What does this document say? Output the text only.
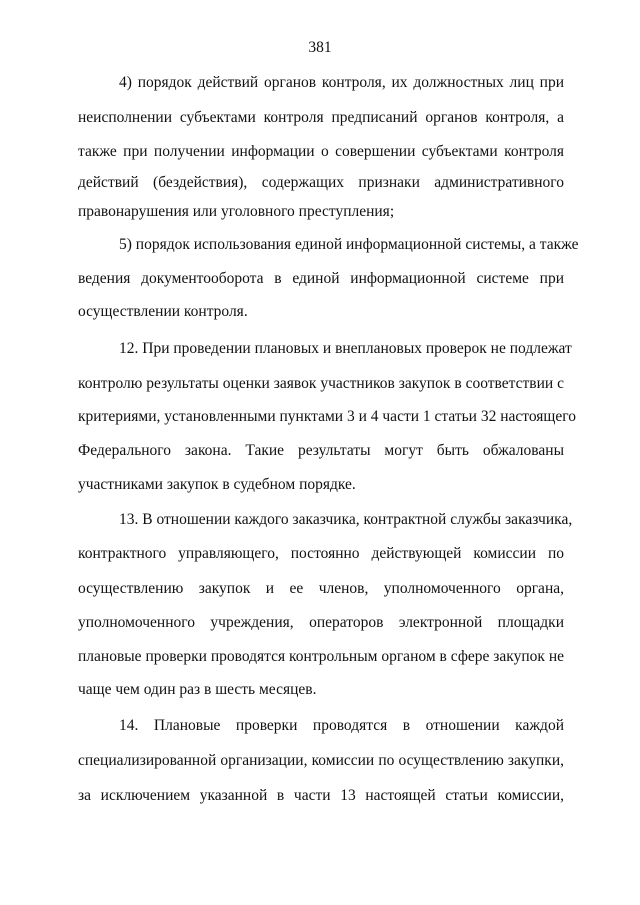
381
4) порядок действий органов контроля, их должностных лиц при
неисполнении субъектами контроля предписаний органов контроля, а
также при получении информации о совершении субъектами контроля
действий (бездействия), содержащих признаки административного
правонарушения или уголовного преступления;
5) порядок использования единой информационной системы, а также
ведения документооборота в единой информационной системе при
осуществлении контроля.
12. При проведении плановых и внеплановых проверок не подлежат
контролю результаты оценки заявок участников закупок в соответствии с
критериями, установленными пунктами 3 и 4 части 1 статьи 32 настоящего
Федерального закона. Такие результаты могут быть обжалованы
участниками закупок в судебном порядке.
13. В отношении каждого заказчика, контрактной службы заказчика,
контрактного управляющего, постоянно действующей комиссии по
осуществлению закупок и ее членов, уполномоченного органа,
уполномоченного учреждения, операторов электронной площадки
плановые проверки проводятся контрольным органом в сфере закупок не
чаще чем один раз в шесть месяцев.
14. Плановые проверки проводятся в отношении каждой
специализированной организации, комиссии по осуществлению закупки,
за исключением указанной в части 13 настоящей статьи комиссии,
